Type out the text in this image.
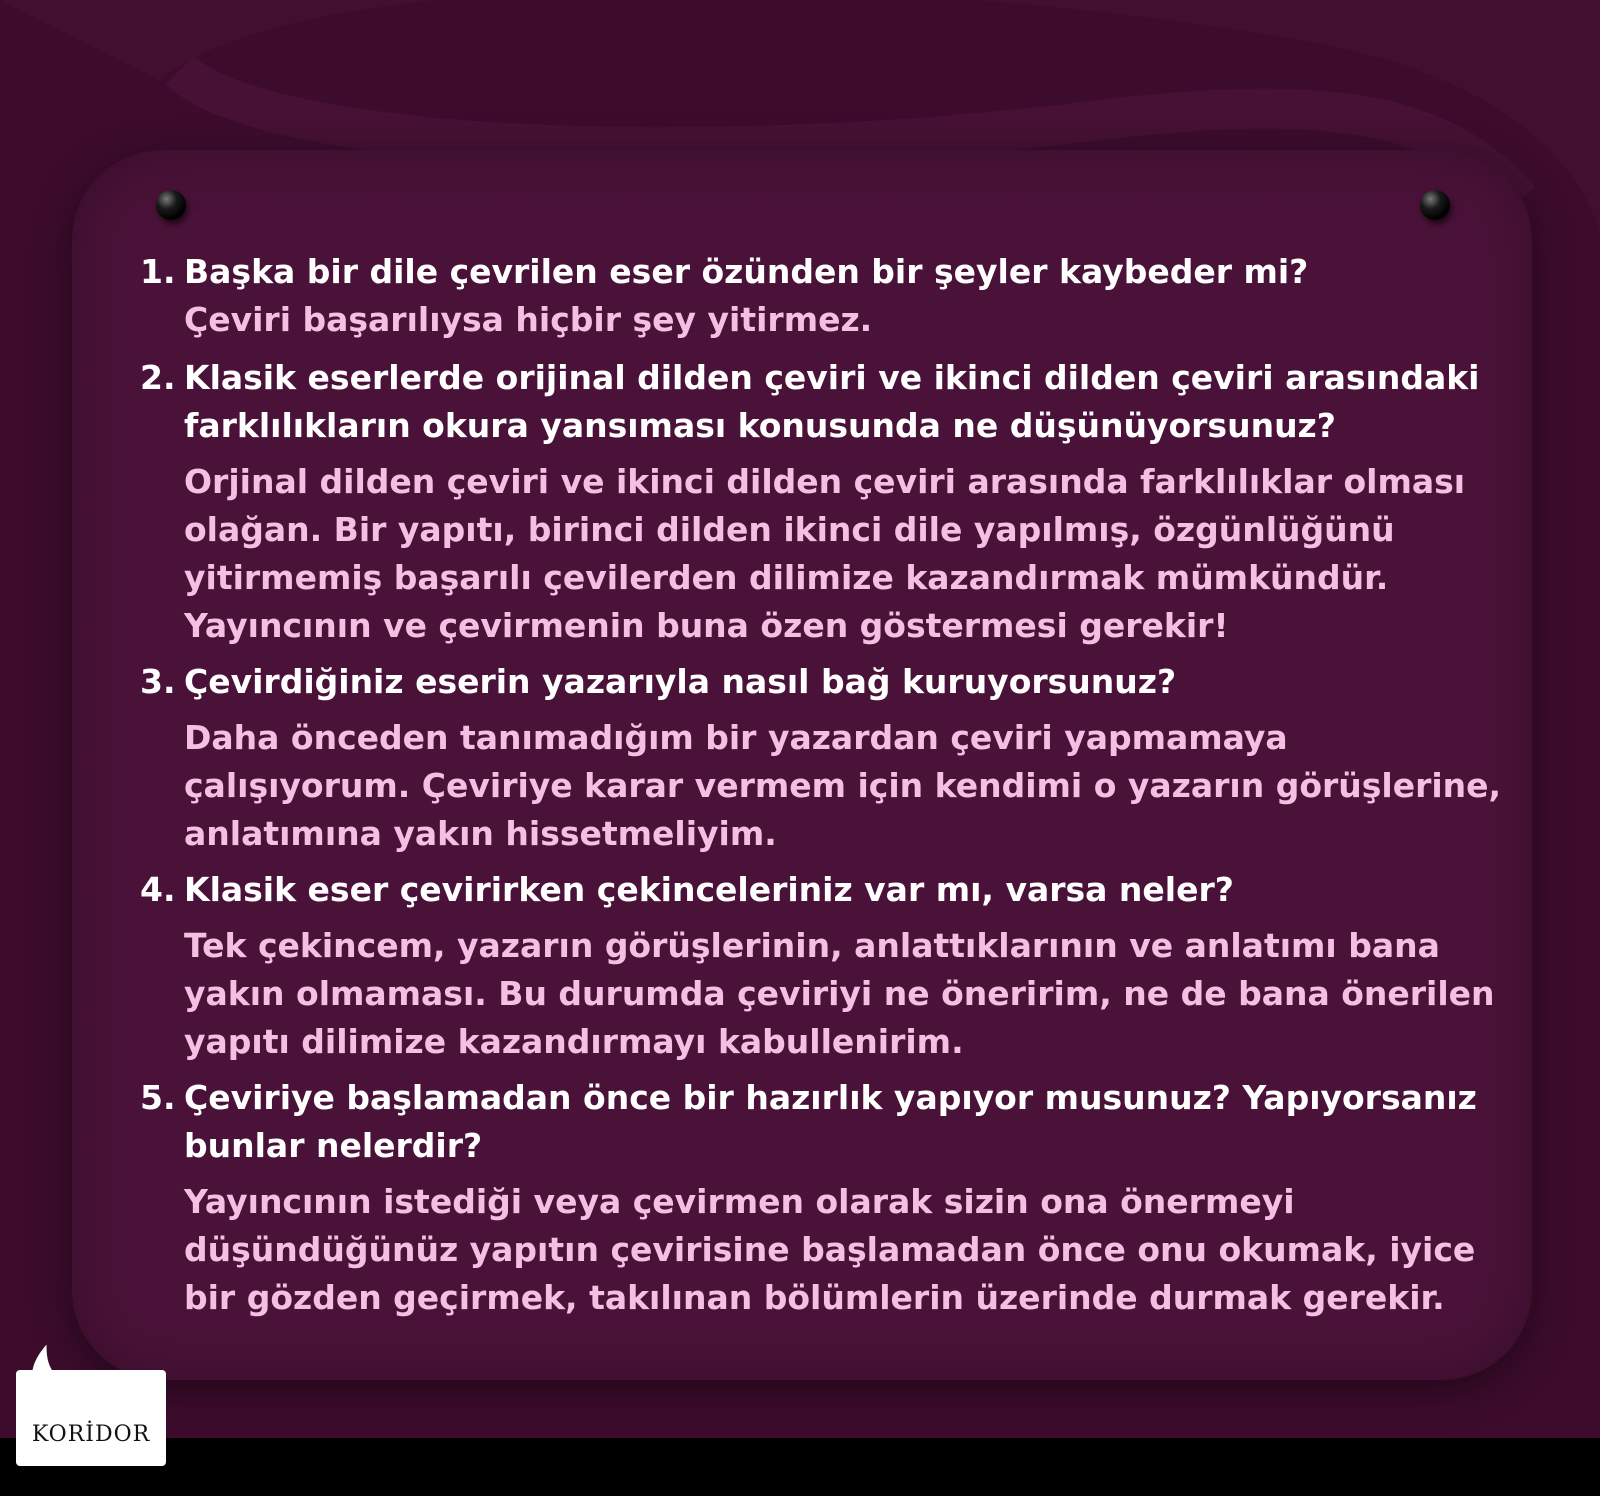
1. Başka bir dile çevrilen eser özünden bir şeyler kaybeder mi?

Çeviri başarılıysa hiçbir şey yitirmez.

2. Klasik eserlerde orijinal dilden çeviri ve ikinci dilden çeviri arasındaki farklılıkların okura yansıması konusunda ne düşünüyorsunuz?

Orjinal dilden çeviri ve ikinci dilden çeviri arasında farklılıklar olması olağan. Bir yapıtı, birinci dilden ikinci dile yapılmış, özgünlüğünü yitirmemiş başarılı çevilerden dilimize kazandırmak mümkündür. Yayıncının ve çevirmenin buna özen göstermesi gerekir!

3. Çevirdiğiniz eserin yazarıyla nasıl bağ kuruyorsunuz?

Daha önceden tanımadığım bir yazardan çeviri yapmamaya çalışıyorum. Çeviriye karar vermem için kendimi o yazarın görüşlerine, anlatımına yakın hissetmeliyim.

4. Klasik eser çevirirken çekinceleriniz var mı, varsa neler?

Tek çekincem, yazarın görüşlerinin, anlattıklarının ve anlatımı bana yakın olmaması. Bu durumda çeviriyi ne öneririm, ne de bana önerilen yapıtı dilimize kazandırmayı kabullenirim.

5. Çeviriye başlamadan önce bir hazırlık yapıyor musunuz? Yapıyorsanız bunlar nelerdir?

Yayıncının istediği veya çevirmen olarak sizin ona önermeyi düşündüğünüz yapıtın çevirisine başlamadan önce onu okumak, iyice bir gözden geçirmek, takılınan bölümlerin üzerinde durmak gerekir.

KORİDOR
